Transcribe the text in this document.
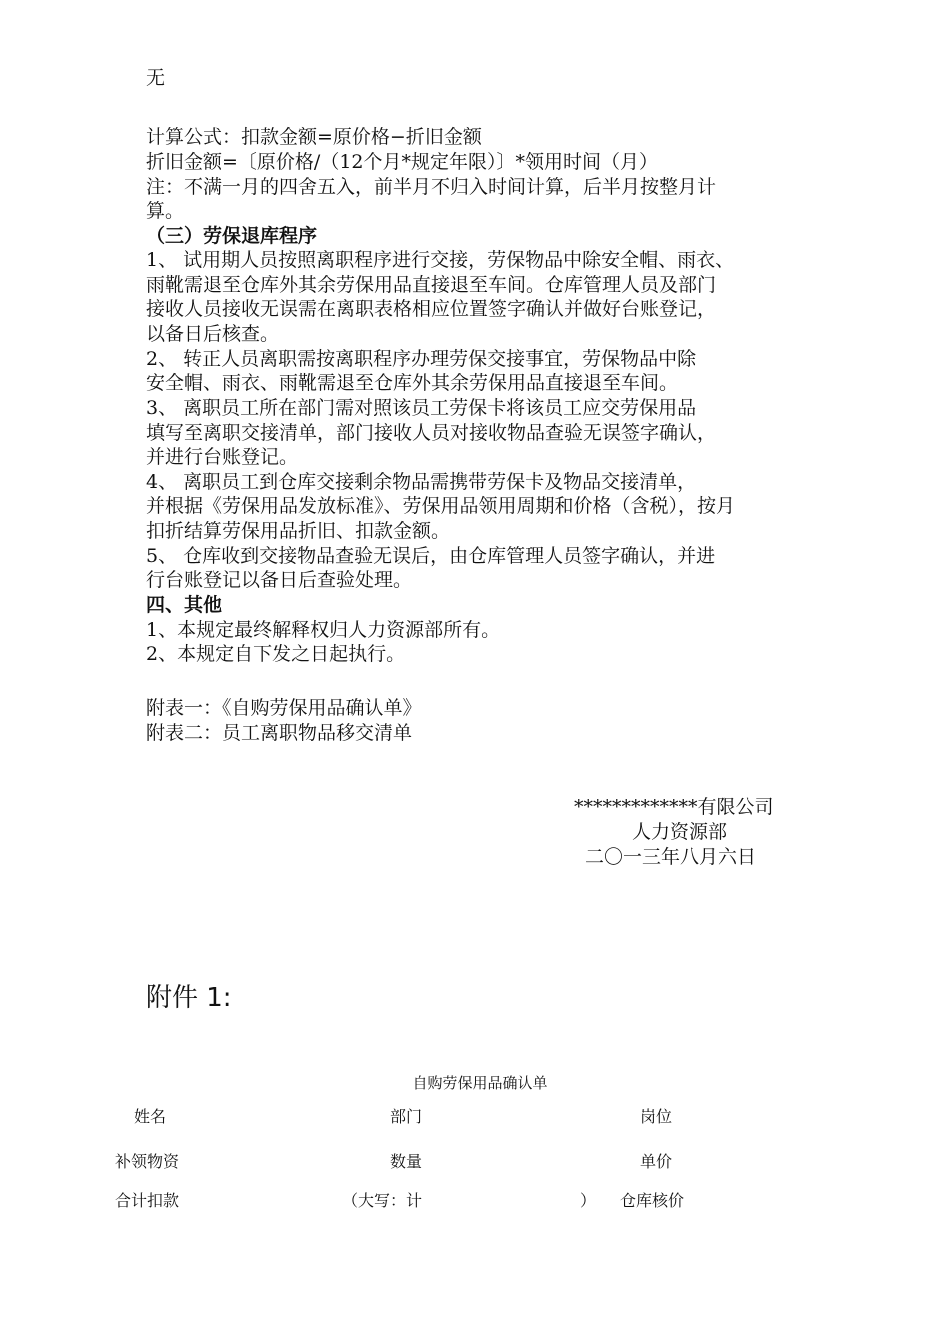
无
计算公式：扣款金额=原价格−折旧金额
折旧金额=〔原价格/（12个月*规定年限）〕*领用时间（月）
注：不满一月的四舍五入，前半月不归入时间计算，后半月按整月计
算。
（三）劳保退库程序
1、 试用期人员按照离职程序进行交接，劳保物品中除安全帽、雨衣、
雨靴需退至仓库外其余劳保用品直接退至车间。仓库管理人员及部门
接收人员接收无误需在离职表格相应位置签字确认并做好台账登记，
以备日后核查。
2、 转正人员离职需按离职程序办理劳保交接事宜，劳保物品中除
安全帽、雨衣、雨靴需退至仓库外其余劳保用品直接退至车间。
3、 离职员工所在部门需对照该员工劳保卡将该员工应交劳保用品
填写至离职交接清单，部门接收人员对接收物品查验无误签字确认，
并进行台账登记。
4、 离职员工到仓库交接剩余物品需携带劳保卡及物品交接清单，
并根据《劳保用品发放标准》、劳保用品领用周期和价格（含税），按月
扣折结算劳保用品折旧、扣款金额。
5、 仓库收到交接物品查验无误后，由仓库管理人员签字确认，并进
行台账登记以备日后查验处理。
四、其他
1、本规定最终解释权归人力资源部所有。
2、本规定自下发之日起执行。
附表一：《自购劳保用品确认单》
附表二：员工离职物品移交清单
*************有限公司
人力资源部
二〇一三年八月六日
附件 1:
自购劳保用品确认单
姓名	部门	岗位
补领物资	数量	单价
合计扣款	（大写：计	） 仓库核价
